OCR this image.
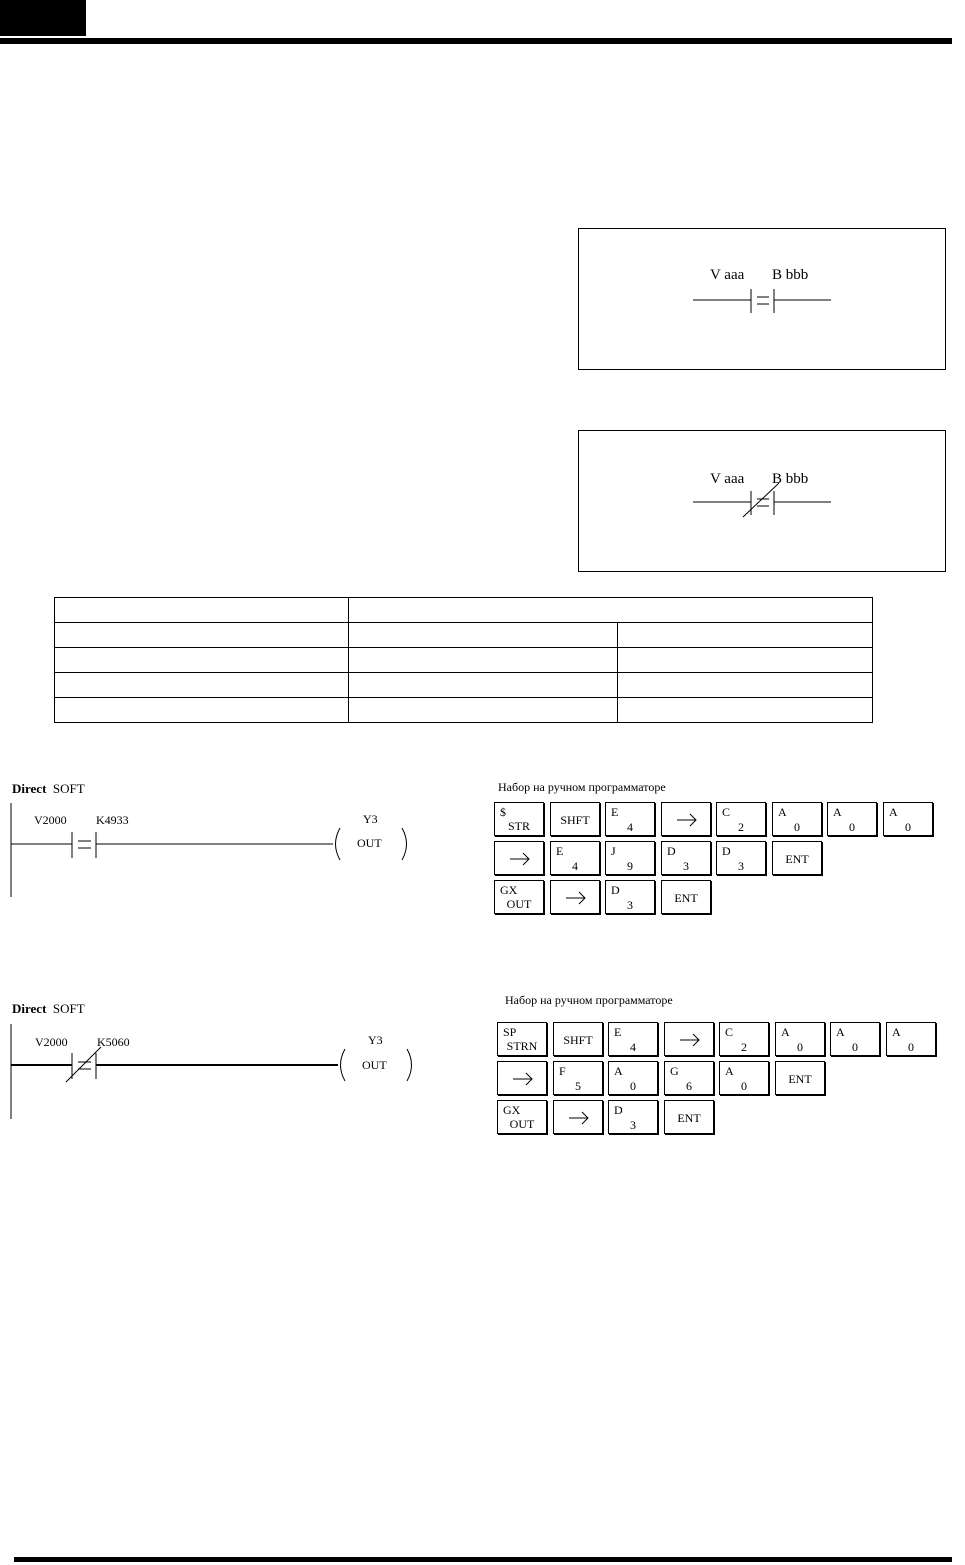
V aaa B bbb
V aaa B bbb

Direct SOFT
V2000 K4933	Y3
OUT
Набор на ручном программаторе
$
STR	SHFT
E
4
C
2
A
0
A
0
A
0
E
4
J
9
D
3
D
3	ENT
GX
OUT
D
3	ENT
Direct SOFT
V2000 K5060	Y3
OUT
Набор на ручном программаторе
SP
STRN	SHFT
E
4
C
2
A
0
A
0
A
0
F
5
A
0
G
6
A
0	ENT
GX
OUT
D
3	ENT
